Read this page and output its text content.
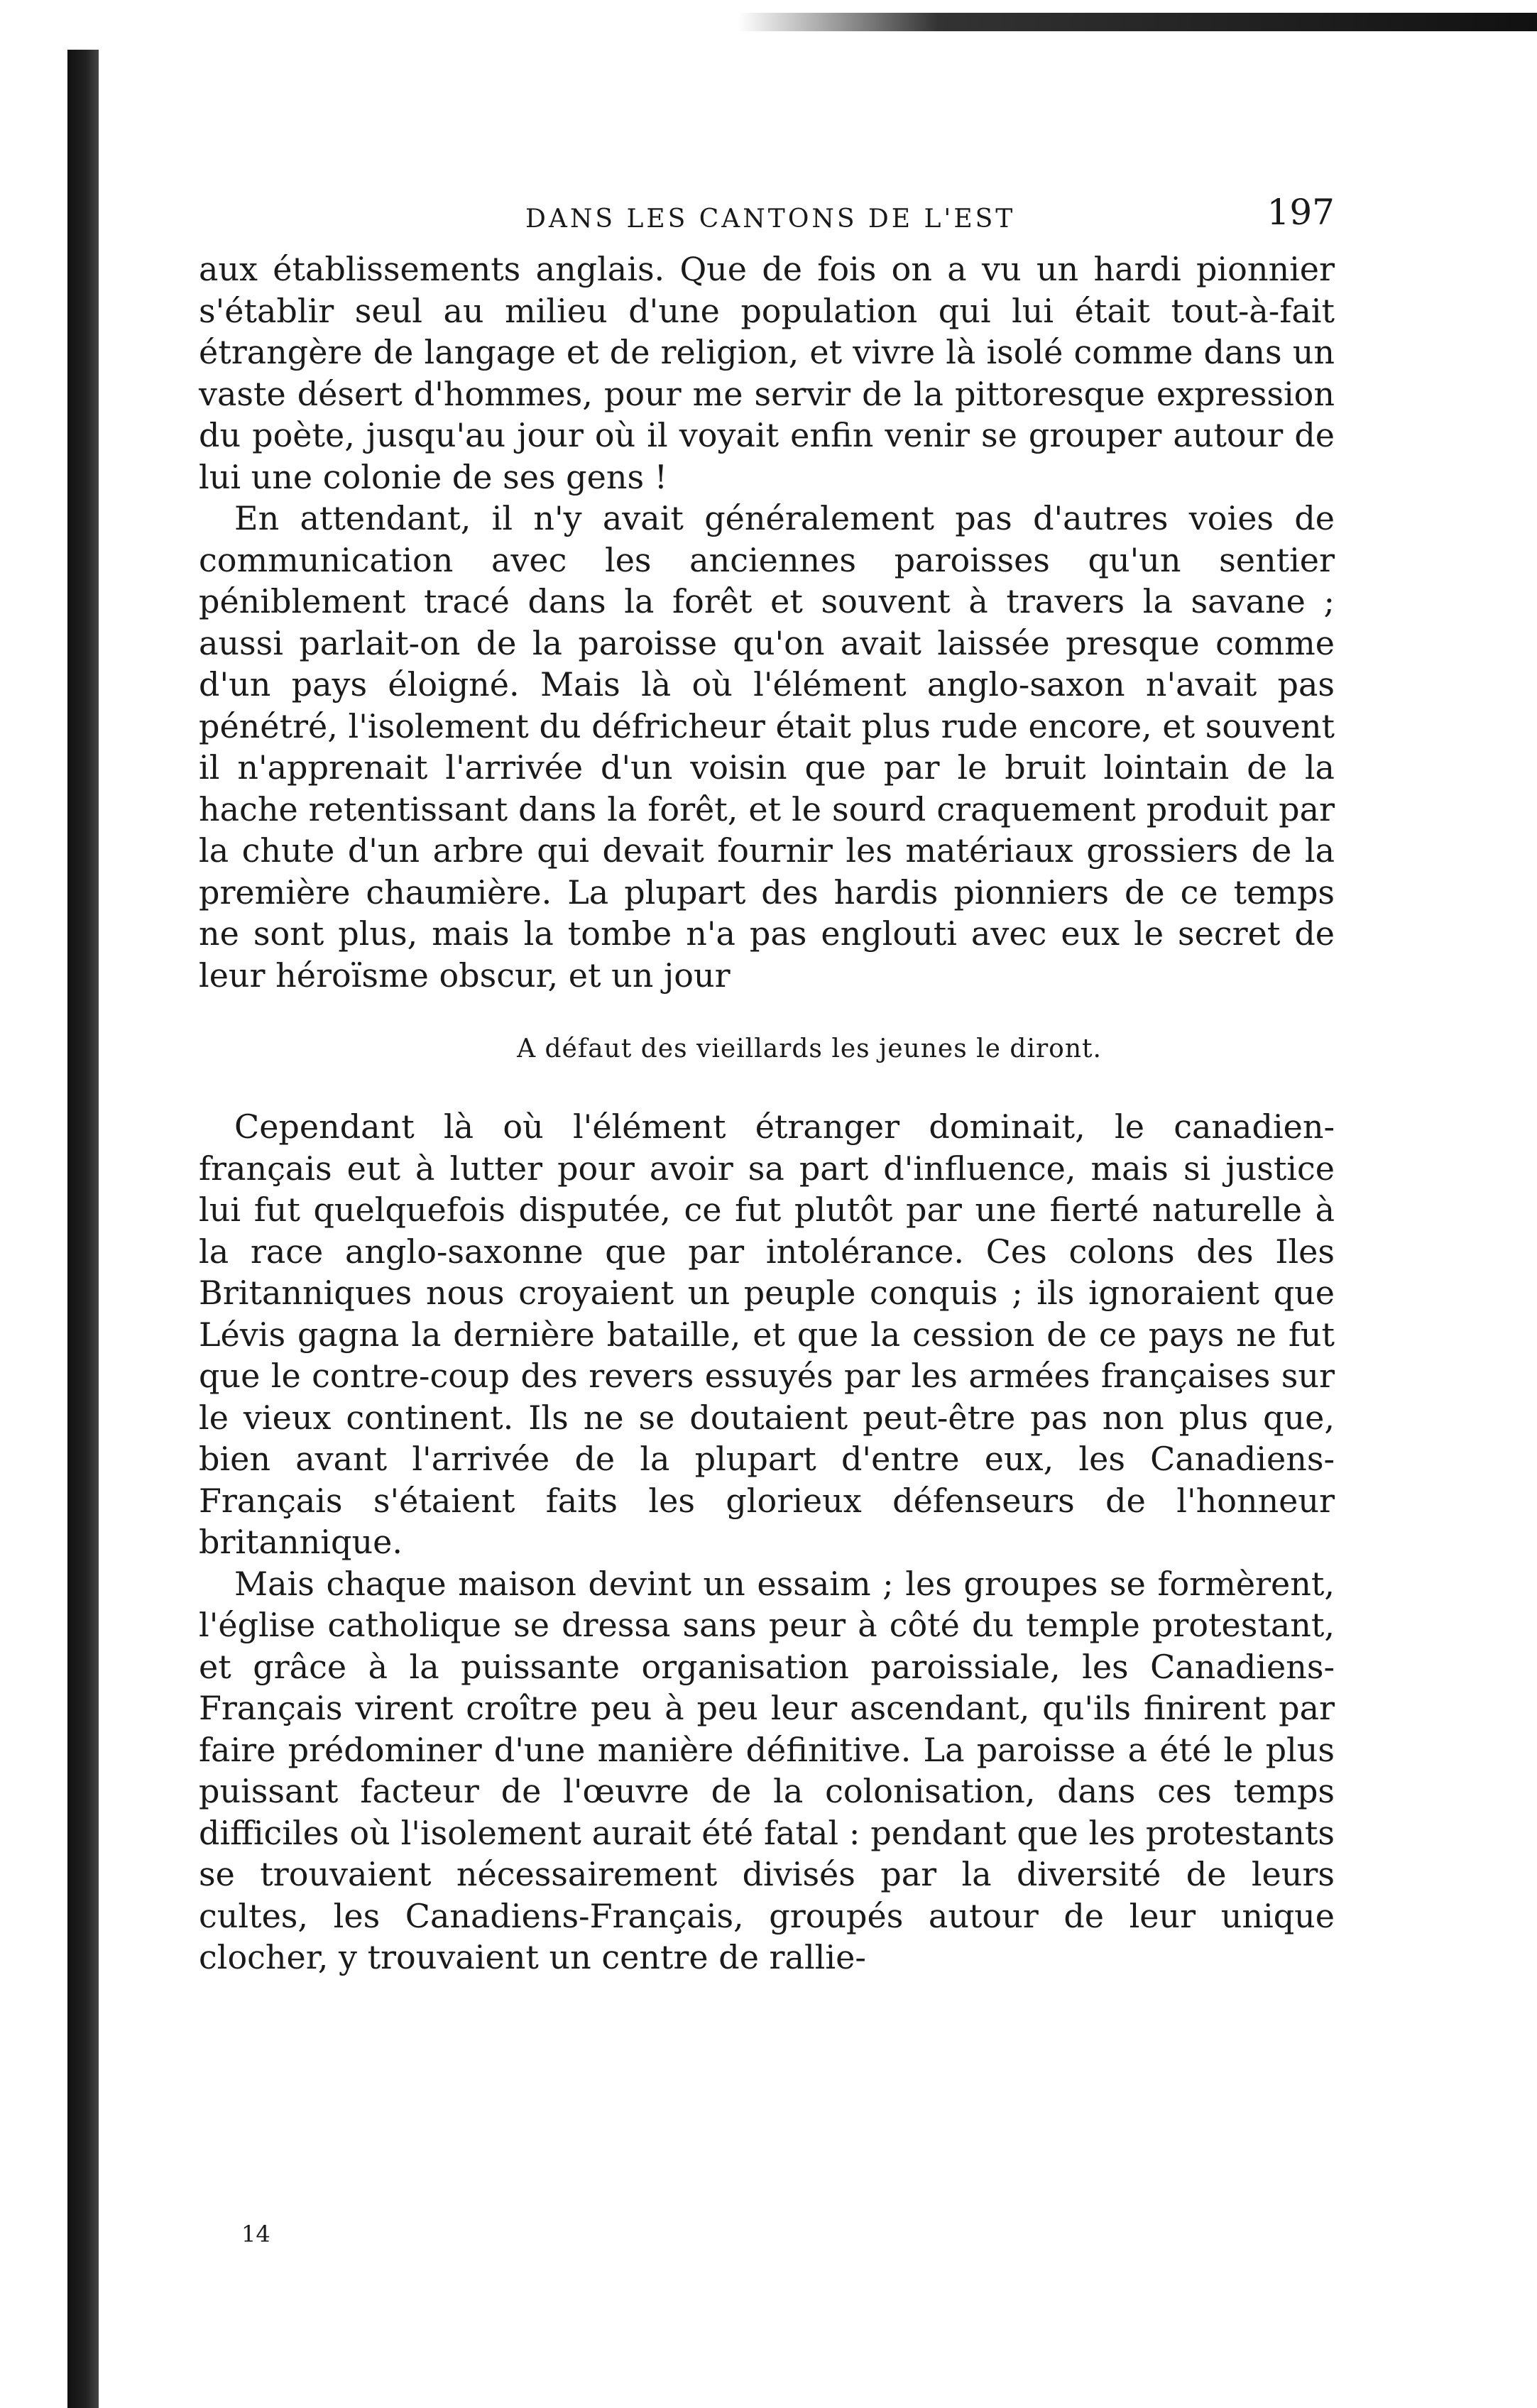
DANS LES CANTONS DE L'EST	197

aux établissements anglais. Que de fois on a vu un hardi pionnier s'établir seul au milieu d'une population qui lui était tout-à-fait étrangère de langage et de religion, et vivre là isolé comme dans un vaste désert d'hommes, pour me servir de la pittoresque expression du poète, jusqu'au jour où il voyait enfin venir se grouper autour de lui une colonie de ses gens !

En attendant, il n'y avait généralement pas d'autres voies de communication avec les anciennes paroisses qu'un sentier péniblement tracé dans la forêt et souvent à travers la savane ; aussi parlait-on de la paroisse qu'on avait laissée presque comme d'un pays éloigné. Mais là où l'élément anglo-saxon n'avait pas pénétré, l'isolement du défricheur était plus rude encore, et souvent il n'apprenait l'arrivée d'un voisin que par le bruit lointain de la hache retentissant dans la forêt, et le sourd craquement produit par la chute d'un arbre qui devait fournir les matériaux grossiers de la première chaumière. La plupart des hardis pionniers de ce temps ne sont plus, mais la tombe n'a pas englouti avec eux le secret de leur héroïsme obscur, et un jour

A défaut des vieillards les jeunes le diront.

Cependant là où l'élément étranger dominait, le canadien-français eut à lutter pour avoir sa part d'influence, mais si justice lui fut quelquefois disputée, ce fut plutôt par une fierté naturelle à la race anglo-saxonne que par intolérance. Ces colons des Iles Britanniques nous croyaient un peuple conquis ; ils ignoraient que Lévis gagna la dernière bataille, et que la cession de ce pays ne fut que le contre-coup des revers essuyés par les armées françaises sur le vieux continent. Ils ne se doutaient peut-être pas non plus que, bien avant l'arrivée de la plupart d'entre eux, les Canadiens-Français s'étaient faits les glorieux défenseurs de l'honneur britannique.

Mais chaque maison devint un essaim ; les groupes se formèrent, l'église catholique se dressa sans peur à côté du temple protestant, et grâce à la puissante organisation paroissiale, les Canadiens-Français virent croître peu à peu leur ascendant, qu'ils finirent par faire prédominer d'une manière définitive. La paroisse a été le plus puissant facteur de l'œuvre de la colonisation, dans ces temps difficiles où l'isolement aurait été fatal : pendant que les protestants se trouvaient nécessairement divisés par la diversité de leurs cultes, les Canadiens-Français, groupés autour de leur unique clocher, y trouvaient un centre de rallie-

14
